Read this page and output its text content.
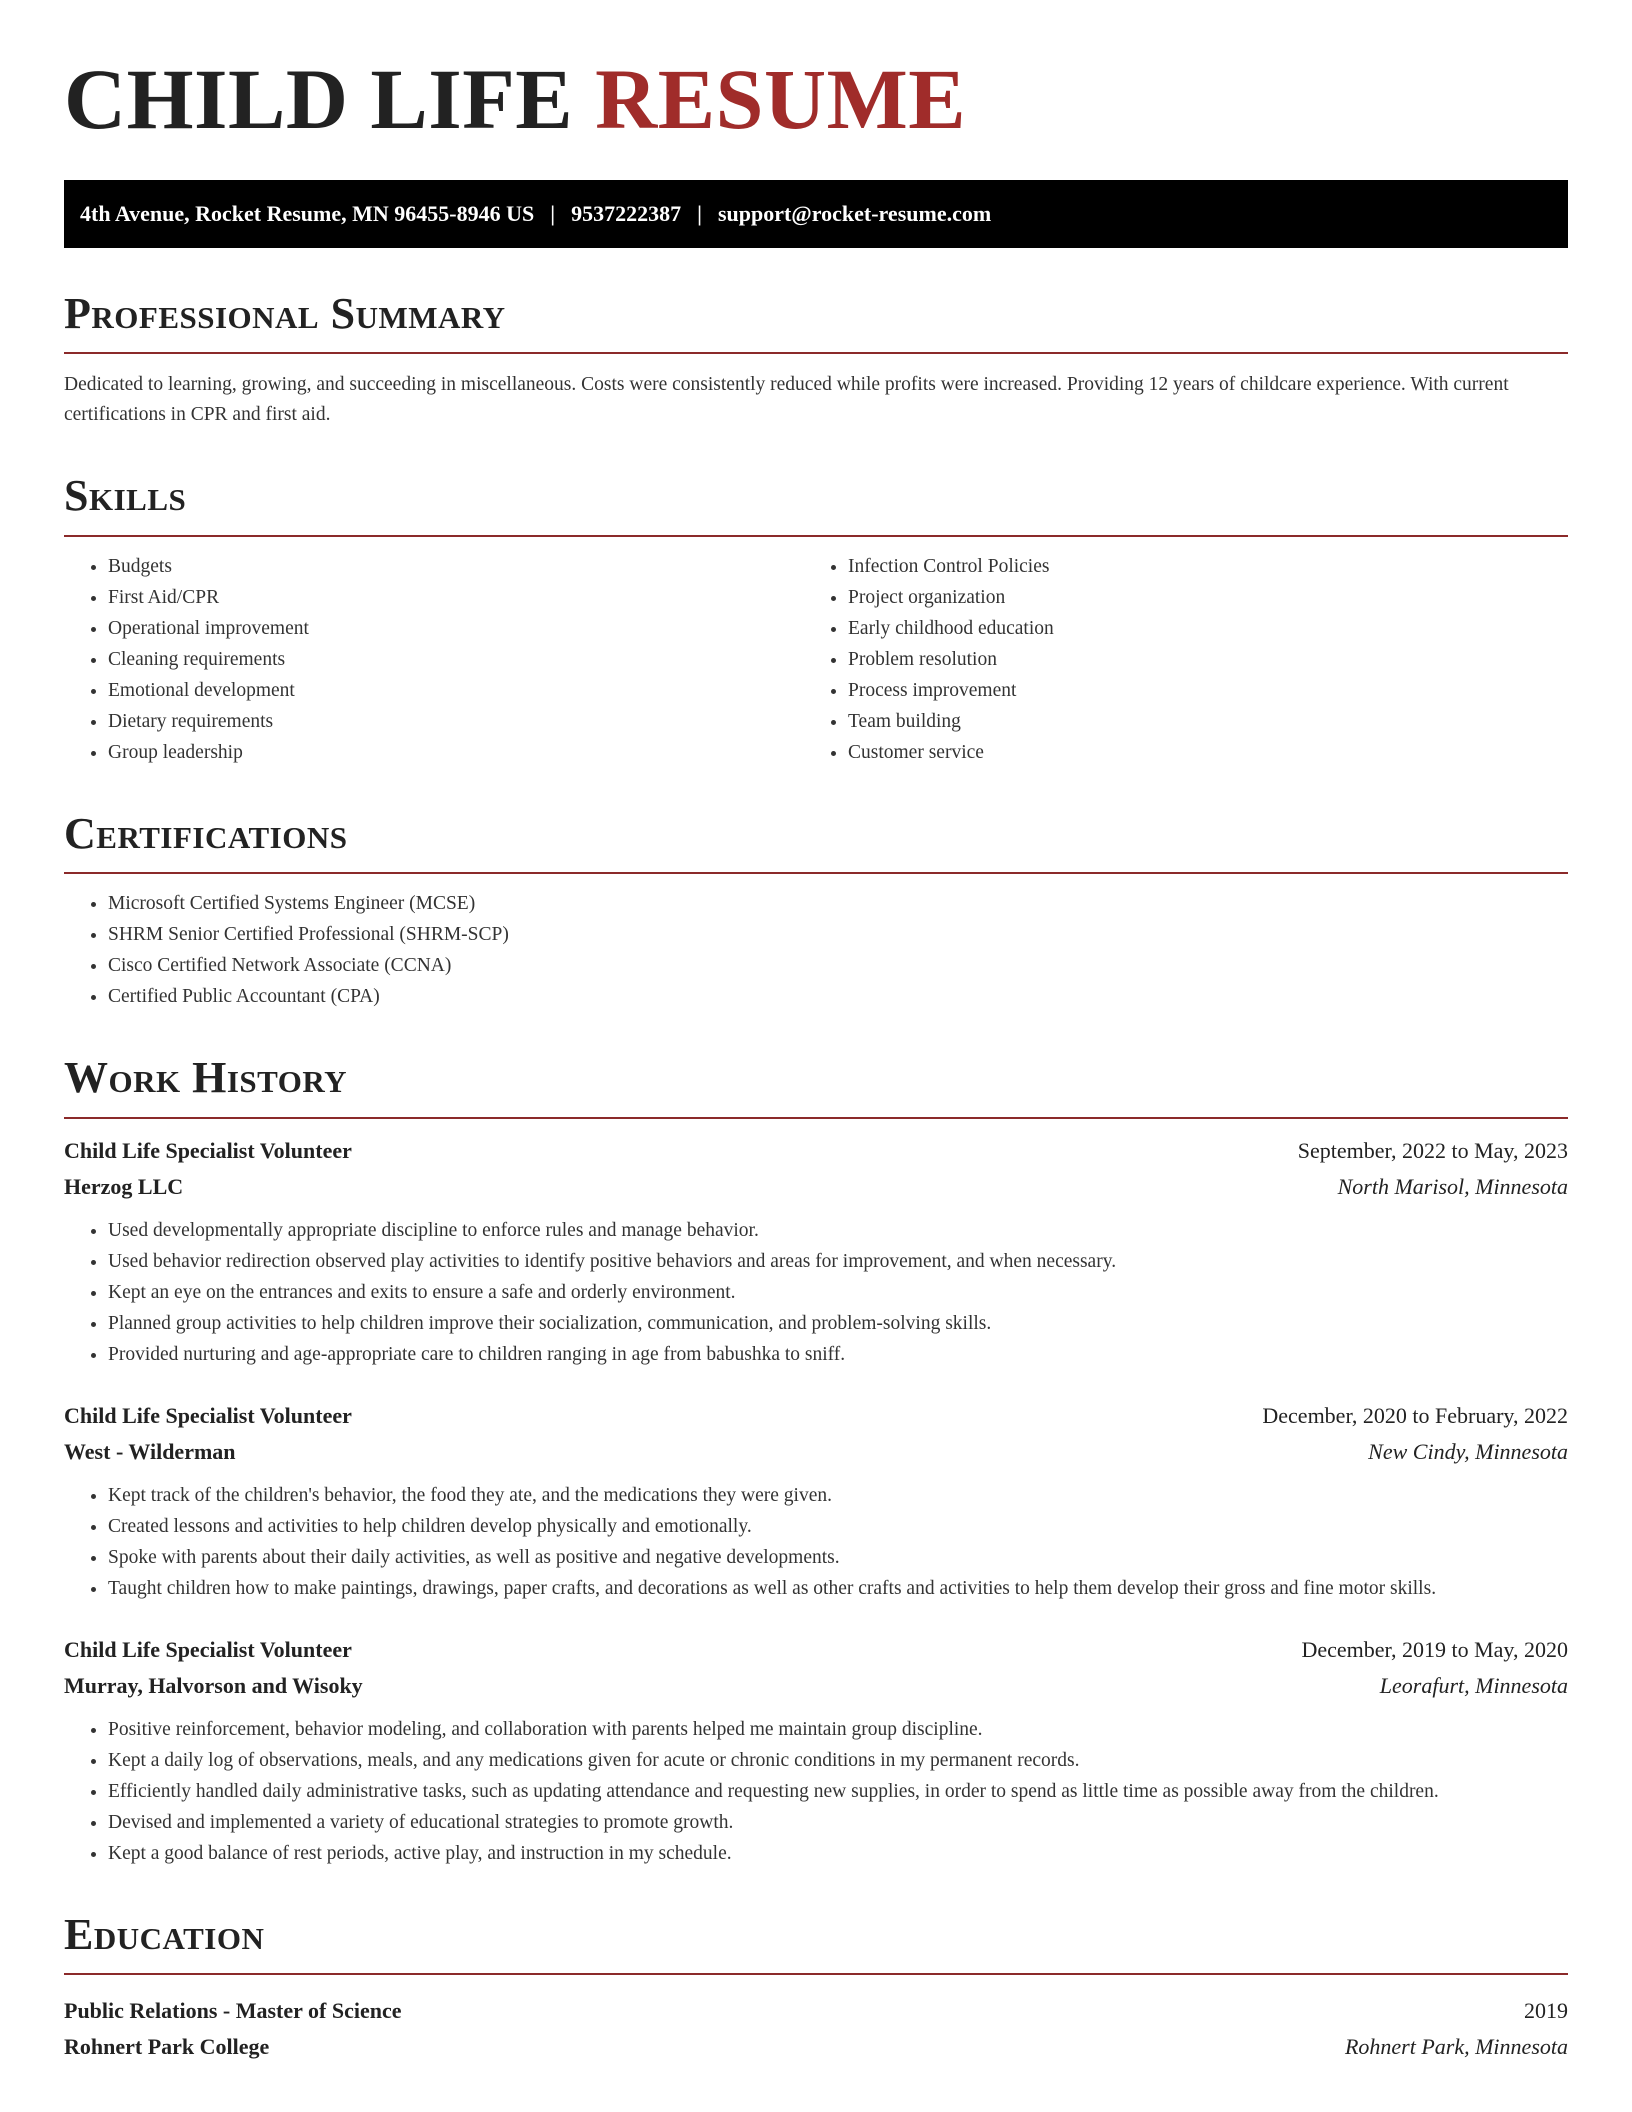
CHILD LIFE RESUME
4th Avenue, Rocket Resume, MN 96455-8946 US | 9537222387 | support@rocket-resume.com
Professional Summary

Dedicated to learning, growing, and succeeding in miscellaneous. Costs were consistently reduced while profits were increased. Providing 12 years of childcare experience. With current certifications in CPR and first aid.

Skills
• Budgets
• First Aid/CPR
• Operational improvement
• Cleaning requirements
• Emotional development
• Dietary requirements
• Group leadership
• Infection Control Policies
• Project organization
• Early childhood education
• Problem resolution
• Process improvement
• Team building
• Customer service
Certifications
• Microsoft Certified Systems Engineer (MCSE)
• SHRM Senior Certified Professional (SHRM-SCP)
• Cisco Certified Network Associate (CCNA)
• Certified Public Accountant (CPA)
Work History
Child Life Specialist Volunteer	September, 2022 to May, 2023
Herzog LLC	North Marisol, Minnesota
• Used developmentally appropriate discipline to enforce rules and manage behavior.
• Used behavior redirection observed play activities to identify positive behaviors and areas for improvement, and when necessary.
• Kept an eye on the entrances and exits to ensure a safe and orderly environment.
• Planned group activities to help children improve their socialization, communication, and problem-solving skills.
• Provided nurturing and age-appropriate care to children ranging in age from babushka to sniff.
Child Life Specialist Volunteer	December, 2020 to February, 2022
West - Wilderman	New Cindy, Minnesota
• Kept track of the children's behavior, the food they ate, and the medications they were given.
• Created lessons and activities to help children develop physically and emotionally.
• Spoke with parents about their daily activities, as well as positive and negative developments.
• Taught children how to make paintings, drawings, paper crafts, and decorations as well as other crafts and activities to help them develop their gross and fine motor skills.
Child Life Specialist Volunteer	December, 2019 to May, 2020
Murray, Halvorson and Wisoky	Leorafurt, Minnesota
• Positive reinforcement, behavior modeling, and collaboration with parents helped me maintain group discipline.
• Kept a daily log of observations, meals, and any medications given for acute or chronic conditions in my permanent records.
• Efficiently handled daily administrative tasks, such as updating attendance and requesting new supplies, in order to spend as little time as possible away from the children.
• Devised and implemented a variety of educational strategies to promote growth.
• Kept a good balance of rest periods, active play, and instruction in my schedule.
Education
Public Relations - Master of Science	2019
Rohnert Park College	Rohnert Park, Minnesota
